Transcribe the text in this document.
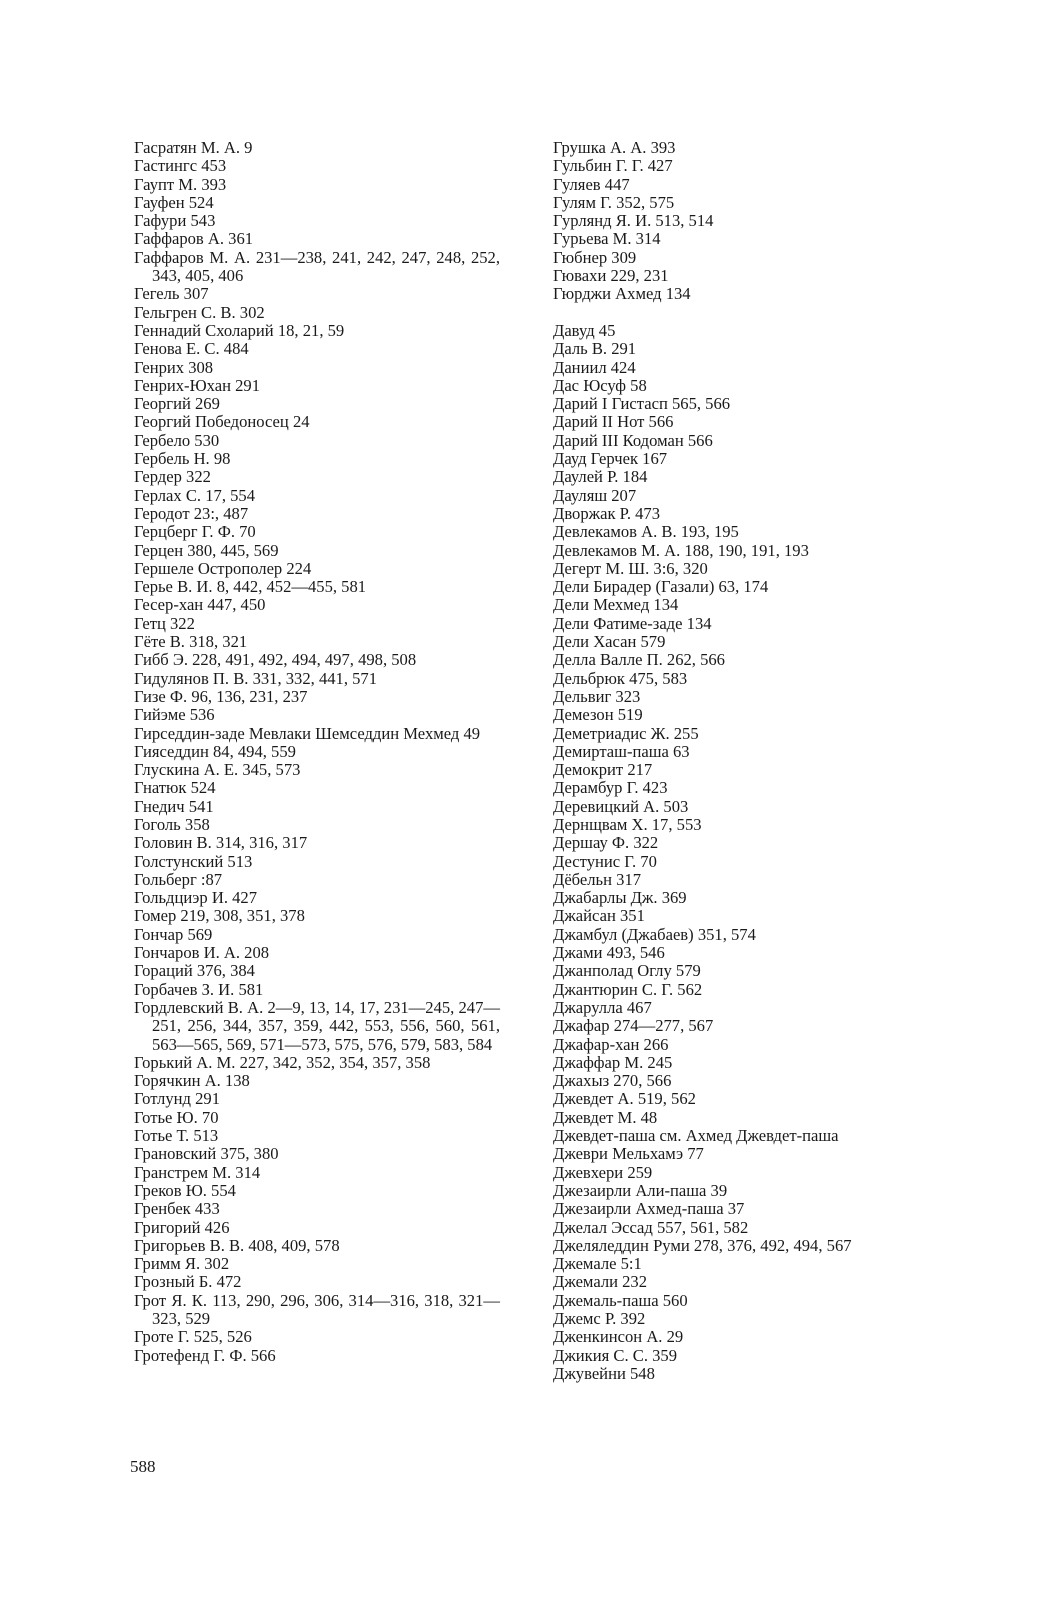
Гасратян М. А. 9
Гастингс 453
Гаупт М. 393
Гауфен 524
Гафури 543
Гаффаров А. 361
Гаффаров М. А. 231—238, 241, 242, 247, 248, 252, 343, 405, 406
Гегель 307
Гельгрен С. В. 302
Геннадий Схоларий 18, 21, 59
Генова Е. С. 484
Генрих 308
Генрих-Юхан 291
Георгий 269
Георгий Победоносец 24
Гербело 530
Гербель Н. 98
Гердер 322
Герлах С. 17, 554
Геродот 23:, 487
Герцберг Г. Ф. 70
Герцен 380, 445, 569
Гершеле Острополер 224
Герье В. И. 8, 442, 452—455, 581
Гесер-хан 447, 450
Гетц 322
Гёте В. 318, 321
Гибб Э. 228, 491, 492, 494, 497, 498, 508
Гидулянов П. В. 331, 332, 441, 571
Гизе Ф. 96, 136, 231, 237
Гийэме 536
Гирседдин-заде Мевлаки Шемседдин Мехмед 49
Гияседдин 84, 494, 559
Глускина А. Е. 345, 573
Гнатюк 524
Гнедич 541
Гоголь 358
Головин В. 314, 316, 317
Голстунский 513
Гольберг :87
Гольдциэр И. 427
Гомер 219, 308, 351, 378
Гончар 569
Гончаров И. А. 208
Гораций 376, 384
Горбачев З. И. 581
Гордлевский В. А. 2—9, 13, 14, 17, 231—245, 247—251, 256, 344, 357, 359, 442, 553, 556, 560, 561, 563—565, 569, 571—573, 575, 576, 579, 583, 584
Горький А. М. 227, 342, 352, 354, 357, 358
Горячкин А. 138
Готлунд 291
Готье Ю. 70
Готье Т. 513
Грановский 375, 380
Гранстрем М. 314
Греков Ю. 554
Гренбек 433
Григорий 426
Григорьев В. В. 408, 409, 578
Гримм Я. 302
Грозный Б. 472
Грот Я. К. 113, 290, 296, 306, 314—316, 318, 321—323, 529
Гроте Г. 525, 526
Гротефенд Г. Ф. 566
Грушка А. А. 393
Гульбин Г. Г. 427
Гуляев 447
Гулям Г. 352, 575
Гурлянд Я. И. 513, 514
Гурьева М. 314
Гюбнер 309
Гювахи 229, 231
Гюрджи Ахмед 134
Давуд 45
Даль В. 291
Даниил 424
Дас Юсуф 58
Дарий I Гистасп 565, 566
Дарий II Нот 566
Дарий III Кодоман 566
Дауд Герчек 167
Даулей Р. 184
Дауляш 207
Дворжак Р. 473
Девлекамов А. В. 193, 195
Девлекамов М. А. 188, 190, 191, 193
Дегерт М. Ш. 3:6, 320
Дели Бирадер (Газали) 63, 174
Дели Мехмед 134
Дели Фатиме-заде 134
Дели Хасан 579
Делла Валле П. 262, 566
Дельбрюк 475, 583
Дельвиг 323
Демезон 519
Деметриадис Ж. 255
Демирташ-паша 63
Демокрит 217
Дерамбур Г. 423
Деревицкий А. 503
Дернщвам Х. 17, 553
Дершау Ф. 322
Дестунис Г. 70
Дёбельн 317
Джабарлы Дж. 369
Джайсан 351
Джамбул (Джабаев) 351, 574
Джами 493, 546
Джанполад Оглу 579
Джантюрин С. Г. 562
Джарулла 467
Джафар 274—277, 567
Джафар-хан 266
Джаффар М. 245
Джахыз 270, 566
Джевдет А. 519, 562
Джевдет М. 48
Джевдет-паша см. Ахмед Джевдет-паша
Джеври Мельхамэ 77
Джевхери 259
Джезаирли Али-паша 39
Джезаирли Ахмед-паша 37
Джелал Эссад 557, 561, 582
Джеляледдин Руми 278, 376, 492, 494, 567
Джемале 5:1
Джемали 232
Джемаль-паша 560
Джемс Р. 392
Дженкинсон А. 29
Джикия С. С. 359
Джувейни 548
588
